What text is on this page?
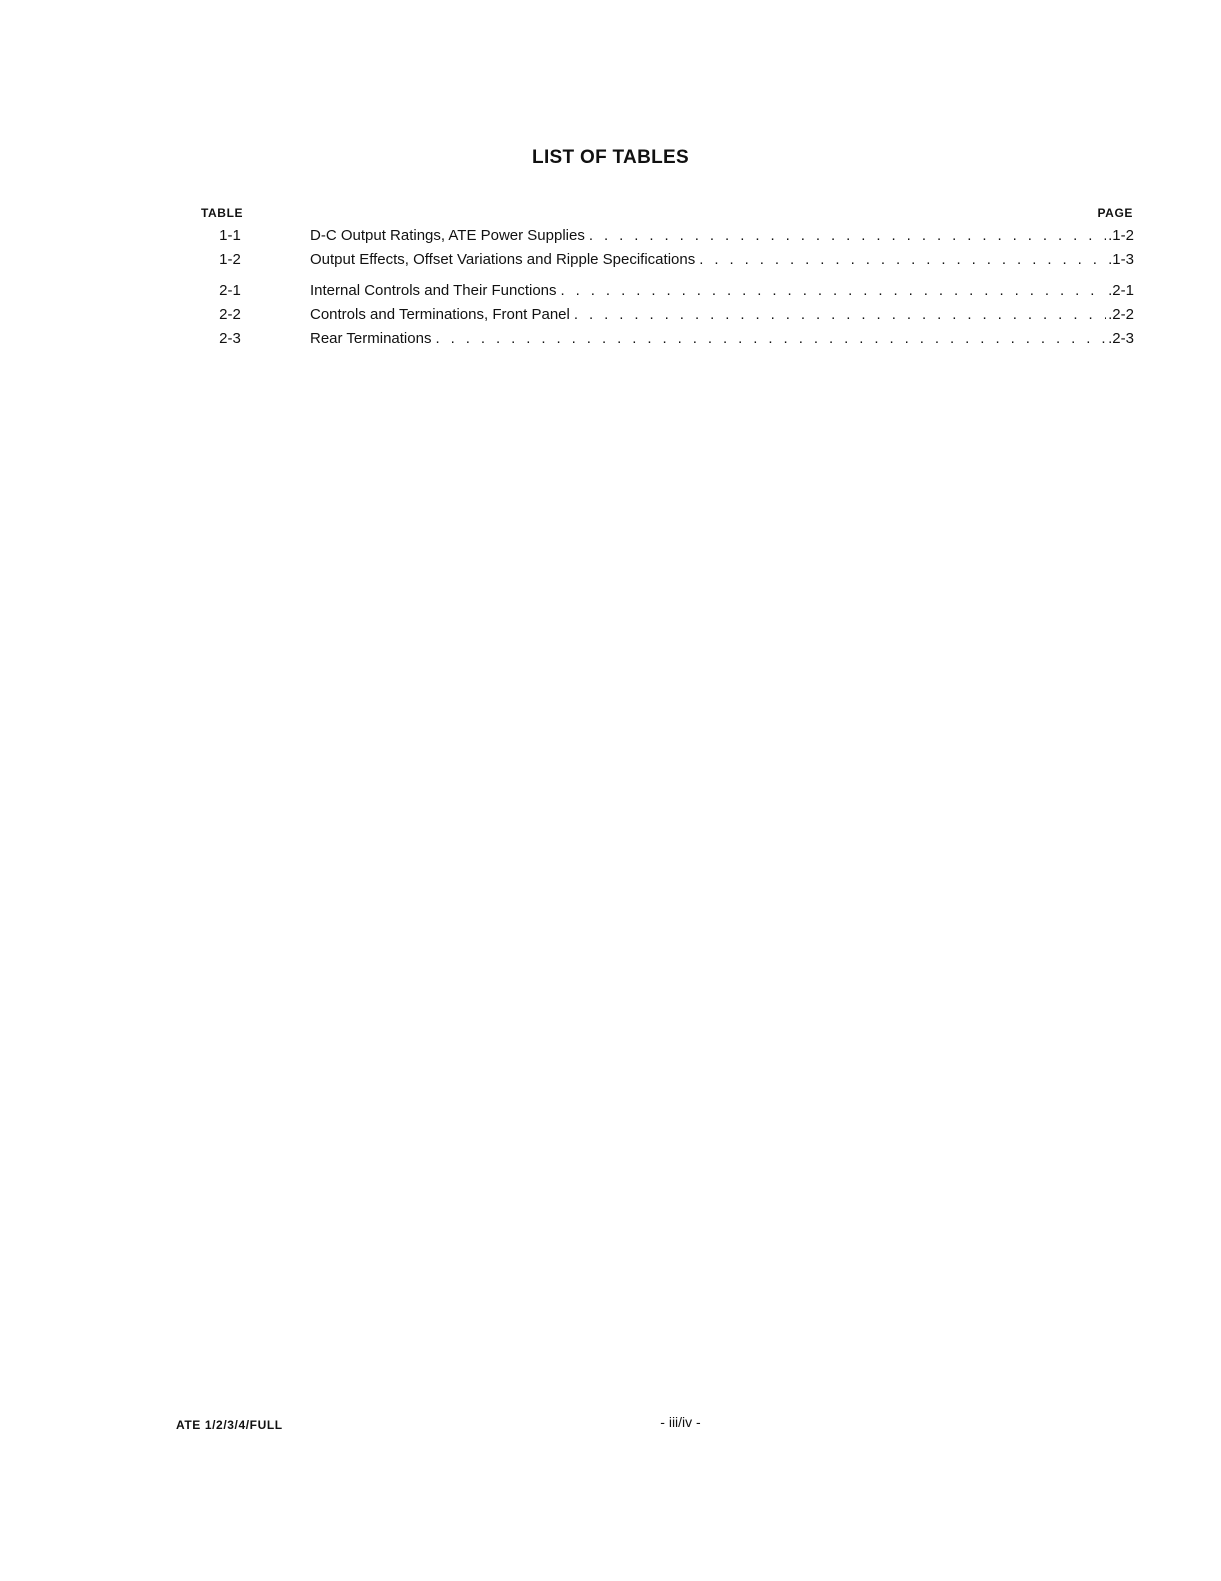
LIST OF TABLES
TABLE	PAGE
1-1	D-C Output Ratings, ATE Power Supplies . . .	.1-2
1-2	Output Effects, Offset Variations and Ripple Specifications . . .	.1-3
2-1	Internal Controls and Their Functions . . .	.2-1
2-2	Controls and Terminations, Front Panel . . .	.2-2
2-3	Rear Terminations . . .	.2-3
ATE 1/2/3/4/FULL	- iii/iv -
